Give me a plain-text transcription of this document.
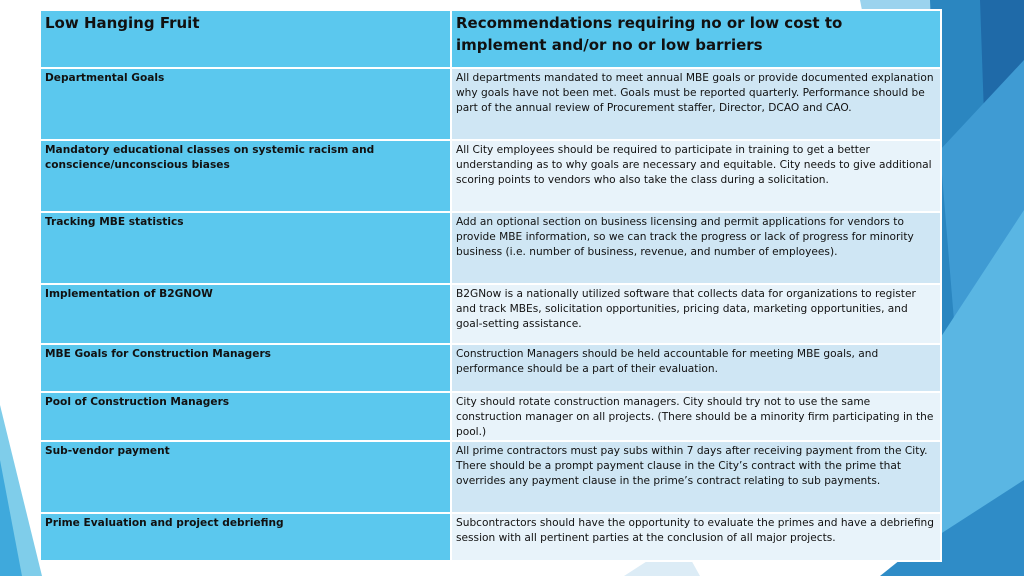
Low Hanging Fruit	Recommendations requiring no or low cost to implement and/or no or low barriers
Departmental Goals	All departments mandated to meet annual MBE goals or provide documented explanation why goals have not been met. Goals must be reported quarterly. Performance should be part of the annual review of Procurement staffer, Director, DCAO and CAO.
Mandatory educational classes on systemic racism and conscience/unconscious biases	All City employees should be required to participate in training to get a better understanding as to why goals are necessary and equitable. City needs to give additional scoring points to vendors who also take the class during a solicitation.
Tracking MBE statistics	Add an optional section on business licensing and permit applications for vendors to provide MBE information, so we can track the progress or lack of progress for minority business (i.e. number of business, revenue, and number of employees).
Implementation of B2GNOW	B2GNow is a nationally utilized software that collects data for organizations to register and track MBEs, solicitation opportunities, pricing data, marketing opportunities, and goal-setting assistance.
MBE Goals for Construction Managers	Construction Managers should be held accountable for meeting MBE goals, and performance should be a part of their evaluation.
Pool of Construction Managers	City should rotate construction managers. City should try not to use the same construction manager on all projects. (There should be a minority firm participating in the pool.)
Sub-vendor payment	All prime contractors must pay subs within 7 days after receiving payment from the City. There should be a prompt payment clause in the City’s contract with the prime that overrides any payment clause in the prime’s contract relating to sub payments.
Prime Evaluation and project debriefing	Subcontractors should have the opportunity to evaluate the primes and have a debriefing session with all pertinent parties at the conclusion of all major projects.
